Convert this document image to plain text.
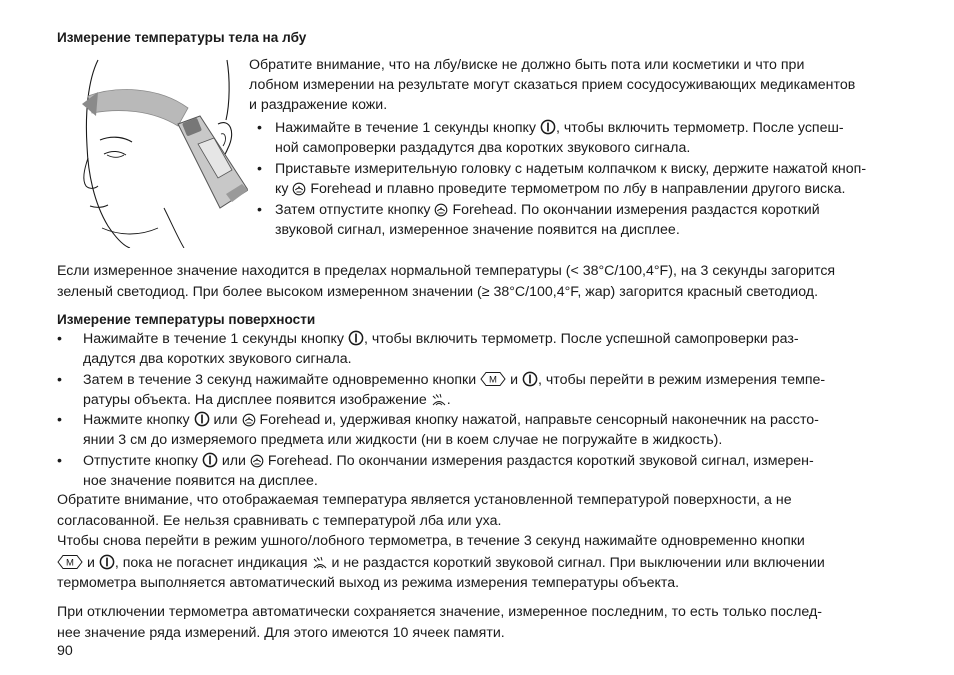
Измерение температуры тела на лбу
Обратите внимание, что на лбу/виске не должно быть пота или косметики и что при
лобном измерении на результате могут сказаться прием сосудосуживающих медикаментов
и раздражение кожи.
• Нажимайте в течение 1 секунды кнопку , чтобы включить термометр. После успеш-
ной самопроверки раздадутся два коротких звукового сигнала.
• Приставьте измерительную головку с надетым колпачком к виску, держите нажатой кноп-
ку Forehead и плавно проведите термометром по лбу в направлении другого виска.
• Затем отпустите кнопку Forehead. По окончании измерения раздастся короткий
звуковой сигнал, измеренное значение появится на дисплее.
Если измеренное значение находится в пределах нормальной температуры (< 38°C/100,4°F), на 3 секунды загорится
зеленый светодиод. При более высоком измеренном значении (≥ 38°C/100,4°F, жар) загорится красный светодиод.
Измерение температуры поверхности
• Нажимайте в течение 1 секунды кнопку , чтобы включить термометр. После успешной самопроверки раз-
дадутся два коротких звукового сигнала.
• Затем в течение 3 секунд нажимайте одновременно кнопки M и , чтобы перейти в режим измерения темпе-
ратуры объекта. На дисплее появится изображение .
• Нажмите кнопку или Forehead и, удерживая кнопку нажатой, направьте сенсорный наконечник на рассто-
янии 3 см до измеряемого предмета или жидкости (ни в коем случае не погружайте в жидкость).
• Отпустите кнопку или Forehead. По окончании измерения раздастся короткий звуковой сигнал, измерен-
ное значение появится на дисплее.
Обратите внимание, что отображаемая температура является установленной температурой поверхности, а не
согласованной. Ее нельзя сравнивать с температурой лба или уха.
Чтобы снова перейти в режим ушного/лобного термометра, в течение 3 секунд нажимайте одновременно кнопки
M и , пока не погаснет индикация и не раздастся короткий звуковой сигнал. При выключении или включении
термометра выполняется автоматический выход из режима измерения температуры объекта.
При отключении термометра автоматически сохраняется значение, измеренное последним, то есть только послед-
нее значение ряда измерений. Для этого имеются 10 ячеек памяти.
90
